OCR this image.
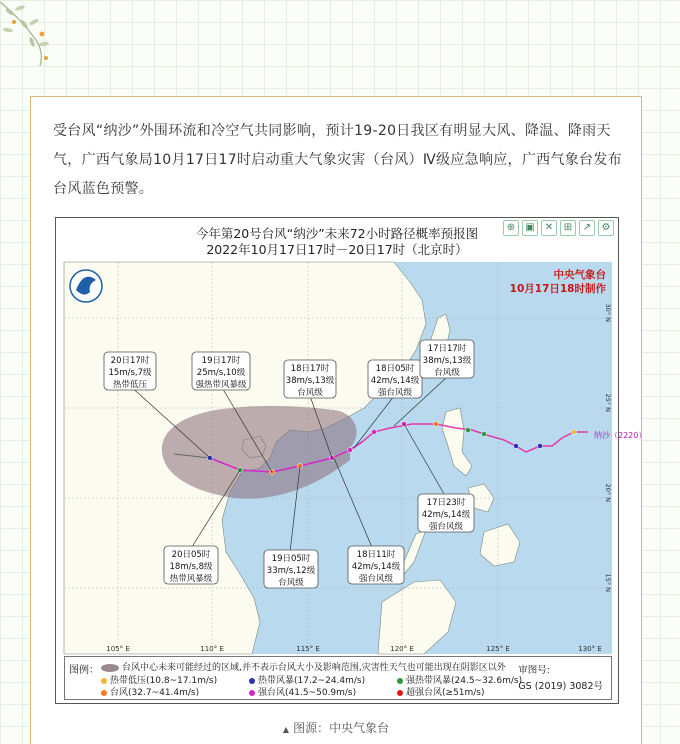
受台风“纳沙”外围环流和冷空气共同影响，预计19-20日我区有明显大风、降温、降雨天气，广西气象局10月17日17时启动重大气象灾害（台风）Ⅳ级应急响应，广西气象台发布台风蓝色预警。

⊕	▣	✕	⊞	↗	⚙
今年第20号台风“纳沙”未来72小时路径概率预报图
2022年10月17日17时－20日17时（北京时）
20日17时
15m/s,7级
热带低压
19日17时
25m/s,10级
强热带风暴级
18日17时
38m/s,13级
台风级
18日05时
42m/s,14级
强台风级
17日17时
38m/s,13级
台风级
20日05时
18m/s,8级
热带风暴级
19日05时
33m/s,12级
台风级
18日11时
42m/s,14级
强台风级
17日23时
42m/s,14级
强台风级
中央气象台
10月17日18时制作
纳沙（2220）
105° E	110° E	115° E	120° E	125° E	130° E
30° N
25° N
20° N
15° N
图例：	台风中心未来可能经过的区域,并不表示台风大小及影响范围,灾害性天气也可能出现在阴影区以外
热带低压(10.8~17.1m/s)	热带风暴(17.2~24.4m/s)	强热带风暴(24.5~32.6m/s)
台风(32.7~41.4m/s)	强台风(41.5~50.9m/s)	超强台风(≥51m/s)
审图号:
GS (2019) 3082号
▲ 图源：中央气象台
